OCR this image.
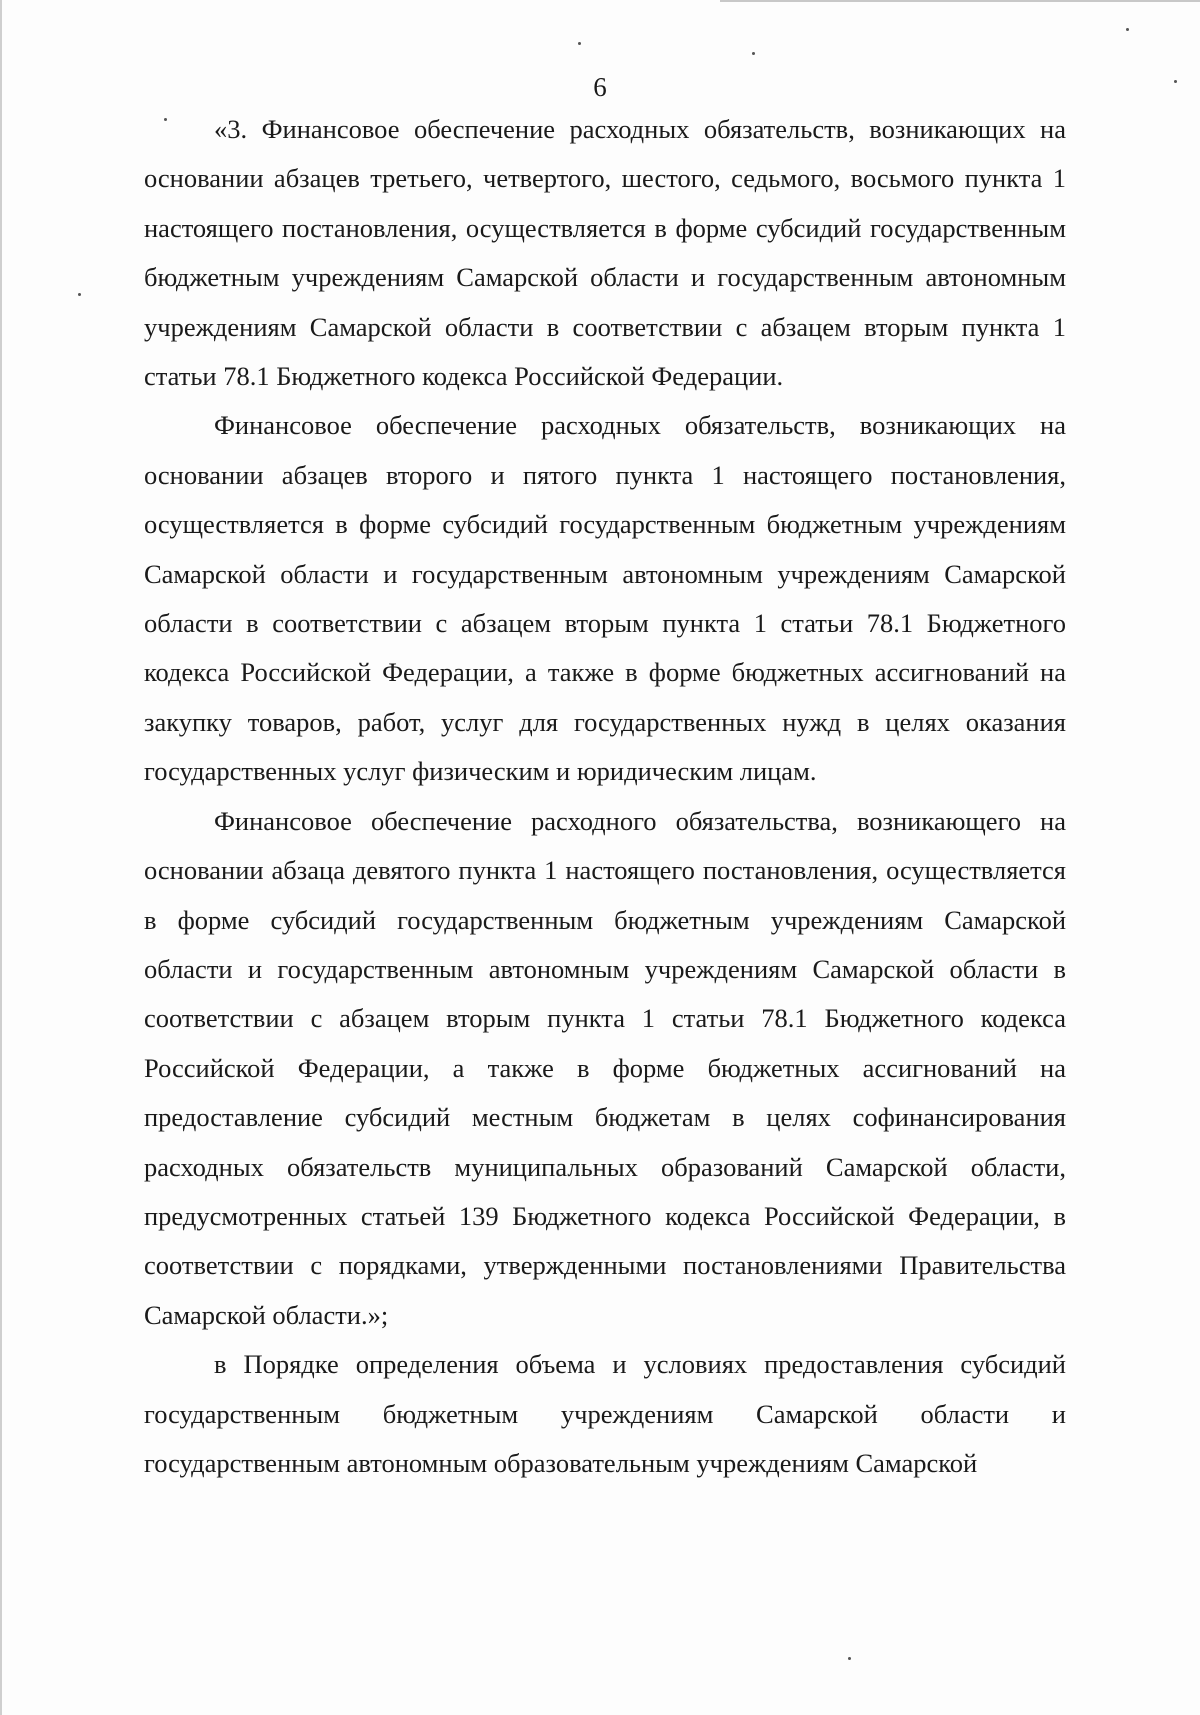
6

«3. Финансовое обеспечение расходных обязательств, возникающих на основании абзацев третьего, четвертого, шестого, седьмого, восьмого пункта 1 настоящего постановления, осуществляется в форме субсидий государственным бюджетным учреждениям Самарской области и государственным автономным учреждениям Самарской области в соответствии с абзацем вторым пункта 1 статьи 78.1 Бюджетного кодекса Российской Федерации.

Финансовое обеспечение расходных обязательств, возникающих на основании абзацев второго и пятого пункта 1 настоящего постановления, осуществляется в форме субсидий государственным бюджетным учреждениям Самарской области и государственным автономным учреждениям Самарской области в соответствии с абзацем вторым пункта 1 статьи 78.1 Бюджетного кодекса Российской Федерации, а также в форме бюджетных ассигнований на закупку товаров, работ, услуг для государственных нужд в целях оказания государственных услуг физическим и юридическим лицам.

Финансовое обеспечение расходного обязательства, возникающего на основании абзаца девятого пункта 1 настоящего постановления, осуществляется в форме субсидий государственным бюджетным учреждениям Самарской области и государственным автономным учреждениям Самарской области в соответствии с абзацем вторым пункта 1 статьи 78.1 Бюджетного кодекса Российской Федерации, а также в форме бюджетных ассигнований на предоставление субсидий местным бюджетам в целях софинансирования расходных обязательств муниципальных образований Самарской области, предусмотренных статьей 139 Бюджетного кодекса Российской Федерации, в соответствии с порядками, утвержденными постановлениями Правительства Самарской области.»;

в Порядке определения объема и условиях предоставления субсидий государственным бюджетным учреждениям Самарской области и государственным автономным образовательным учреждениям Самарской
